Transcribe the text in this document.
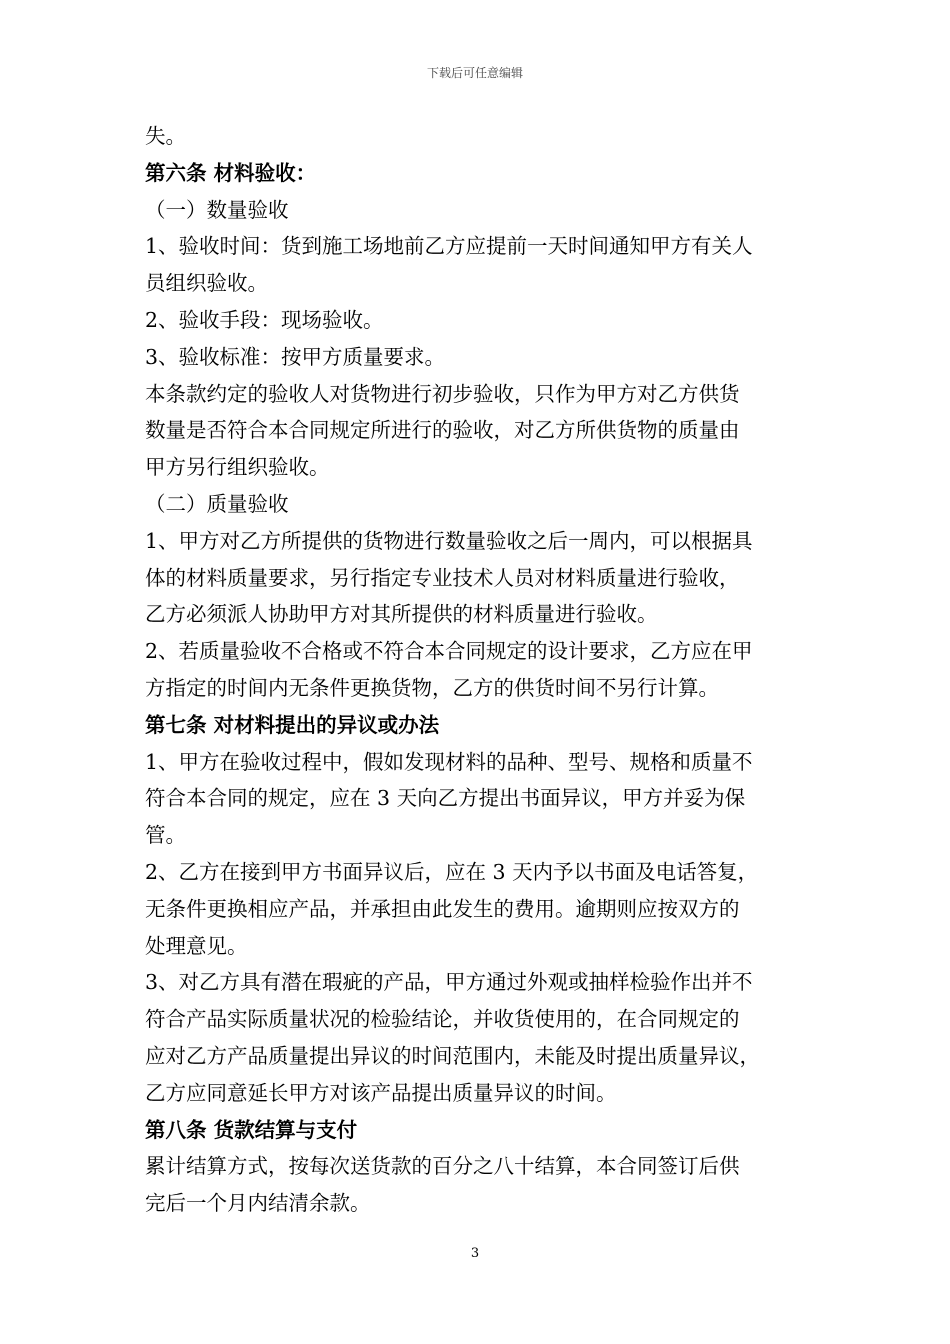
下载后可任意编辑
失。
第六条 材料验收：
（一）数量验收
1、验收时间：货到施工场地前乙方应提前一天时间通知甲方有关人
员组织验收。
2、验收手段：现场验收。
3、验收标准：按甲方质量要求。
本条款约定的验收人对货物进行初步验收，只作为甲方对乙方供货
数量是否符合本合同规定所进行的验收，对乙方所供货物的质量由
甲方另行组织验收。
（二）质量验收
1、甲方对乙方所提供的货物进行数量验收之后一周内，可以根据具
体的材料质量要求，另行指定专业技术人员对材料质量进行验收，
乙方必须派人协助甲方对其所提供的材料质量进行验收。
2、若质量验收不合格或不符合本合同规定的设计要求，乙方应在甲
方指定的时间内无条件更换货物，乙方的供货时间不另行计算。
第七条 对材料提出的异议或办法
1、甲方在验收过程中，假如发现材料的品种、型号、规格和质量不
符合本合同的规定，应在 3 天向乙方提出书面异议，甲方并妥为保
管。
2、乙方在接到甲方书面异议后，应在 3 天内予以书面及电话答复，
无条件更换相应产品，并承担由此发生的费用。逾期则应按双方的
处理意见。
3、对乙方具有潜在瑕疵的产品，甲方通过外观或抽样检验作出并不
符合产品实际质量状况的检验结论，并收货使用的，在合同规定的
应对乙方产品质量提出异议的时间范围内，未能及时提出质量异议，
乙方应同意延长甲方对该产品提出质量异议的时间。
第八条 货款结算与支付
累计结算方式，按每次送货款的百分之八十结算，本合同签订后供
完后一个月内结清余款。
3
